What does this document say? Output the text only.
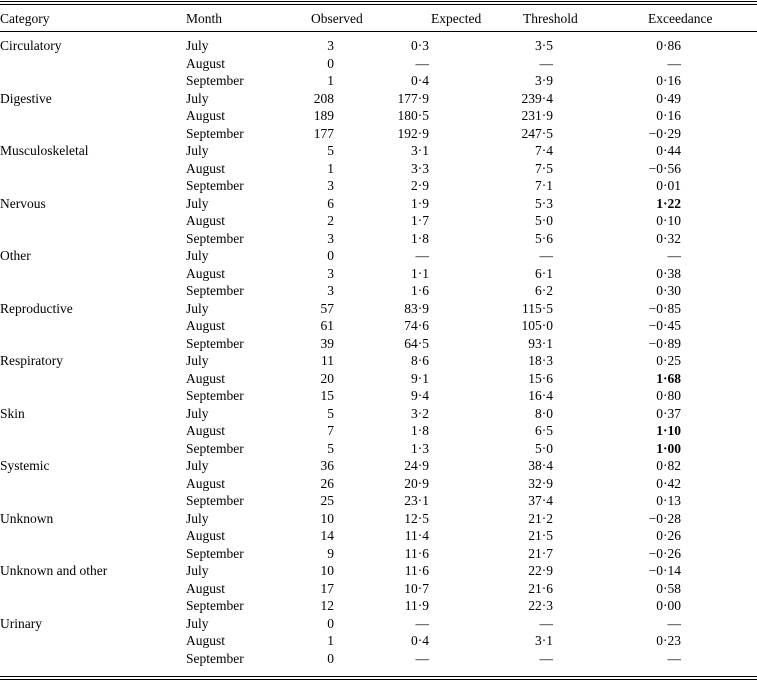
Category	Month	Observed	Expected	Threshold	Exceedance	
Circulatory	July	3	0·3	3·5	0·86	
	August	0	—	—	—	
	September	1	0·4	3·9	0·16	
Digestive	July	208	177·9	239·4	0·49	
	August	189	180·5	231·9	0·16	
	September	177	192·9	247·5	−0·29	
Musculoskeletal	July	5	3·1	7·4	0·44	
	August	1	3·3	7·5	−0·56	
	September	3	2·9	7·1	0·01	
Nervous	July	6	1·9	5·3	1·22	
	August	2	1·7	5·0	0·10	
	September	3	1·8	5·6	0·32	
Other	July	0	—	—	—	
	August	3	1·1	6·1	0·38	
	September	3	1·6	6·2	0·30	
Reproductive	July	57	83·9	115·5	−0·85	
	August	61	74·6	105·0	−0·45	
	September	39	64·5	93·1	−0·89	
Respiratory	July	11	8·6	18·3	0·25	
	August	20	9·1	15·6	1·68	
	September	15	9·4	16·4	0·80	
Skin	July	5	3·2	8·0	0·37	
	August	7	1·8	6·5	1·10	
	September	5	1·3	5·0	1·00	
Systemic	July	36	24·9	38·4	0·82	
	August	26	20·9	32·9	0·42	
	September	25	23·1	37·4	0·13	
Unknown	July	10	12·5	21·2	−0·28	
	August	14	11·4	21·5	0·26	
	September	9	11·6	21·7	−0·26	
Unknown and other	July	10	11·6	22·9	−0·14	
	August	17	10·7	21·6	0·58	
	September	12	11·9	22·3	0·00	
Urinary	July	0	—	—	—	
	August	1	0·4	3·1	0·23	
	September	0	—	—	—	
